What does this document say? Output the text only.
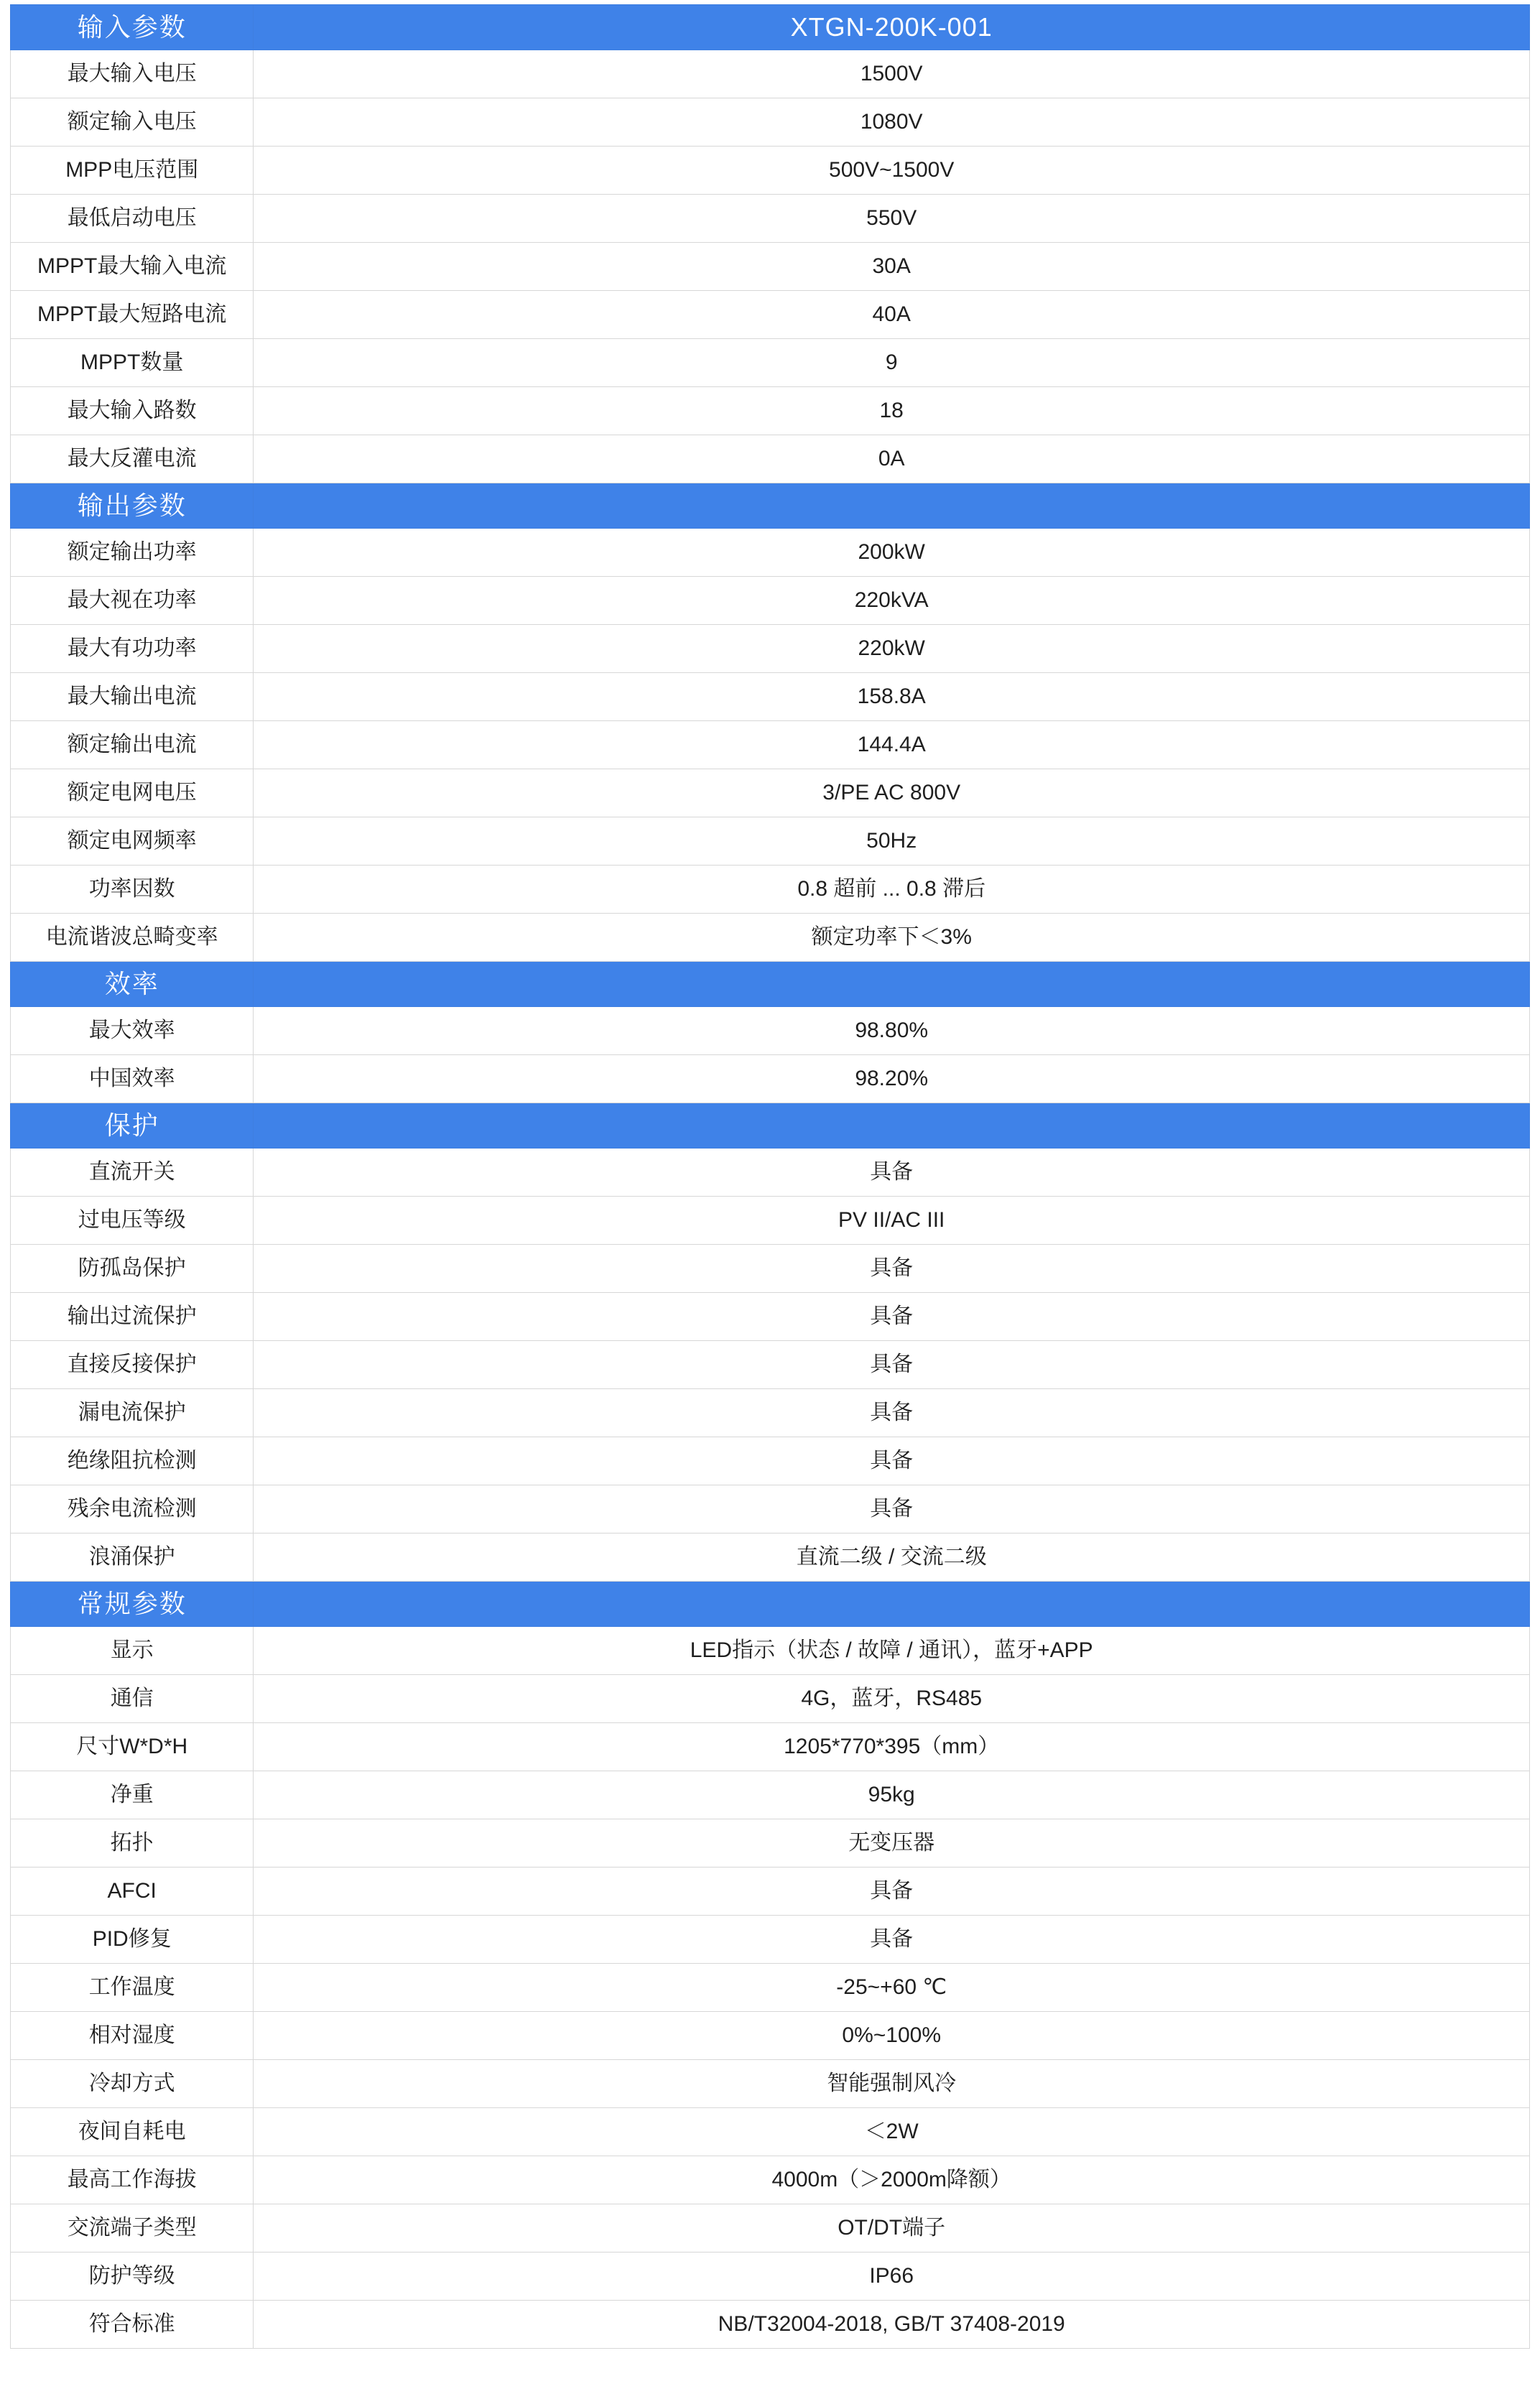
输入参数	XTGN-200K-001

最大输入电压	1500V

额定输入电压	1080V

MPP电压范围	500V~1500V

最低启动电压	550V

MPPT最大输入电流	30A

MPPT最大短路电流	40A

MPPT数量	9

最大输入路数	18

最大反灌电流	0A

输出参数	

额定输出功率	200kW

最大视在功率	220kVA

最大有功功率	220kW

最大输出电流	158.8A

额定输出电流	144.4A

额定电网电压	3/PE AC 800V

额定电网频率	50Hz

功率因数	0.8 超前 ... 0.8 滞后

电流谐波总畸变率	额定功率下＜3%

效率	

最大效率	98.80%

中国效率	98.20%

保护	

直流开关	具备

过电压等级	PV II/AC III

防孤岛保护	具备

输出过流保护	具备

直接反接保护	具备

漏电流保护	具备

绝缘阻抗检测	具备

残余电流检测	具备

浪涌保护	直流二级 / 交流二级

常规参数	

显示	LED指示（状态 / 故障 / 通讯），蓝牙+APP

通信	4G，蓝牙，RS485

尺寸W*D*H	1205*770*395（mm）

净重	95kg

拓扑	无变压器

AFCI	具备

PID修复	具备

工作温度	-25~+60 ℃

相对湿度	0%~100%

冷却方式	智能强制风冷

夜间自耗电	＜2W

最高工作海拔	4000m（＞2000m降额）

交流端子类型	OT/DT端子

防护等级	IP66

符合标准	NB/T32004-2018, GB/T 37408-2019
